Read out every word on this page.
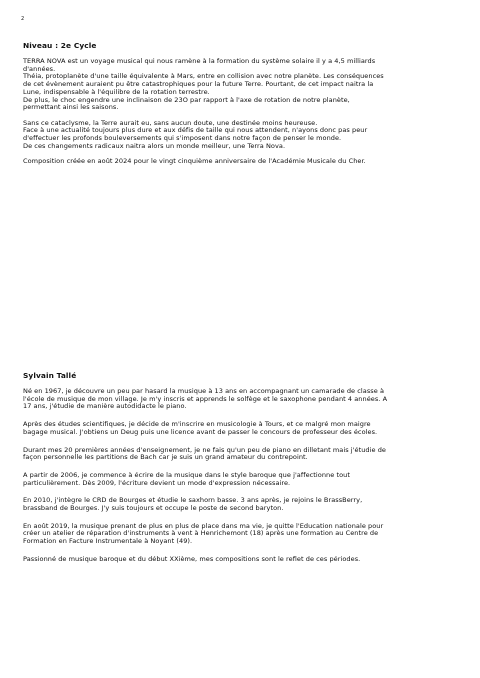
2
Niveau : 2e Cycle
TERRA NOVA est un voyage musical qui nous ramène à la formation du système solaire il y a 4,5 milliards
d'années.
Théia, protoplanète d'une taille équivalente à Mars, entre en collision avec notre planète. Les conséquences
de cet évènement auraient pu être catastrophiques pour la future Terre. Pourtant, de cet impact naitra la
Lune, indispensable à l'équilibre de la rotation terrestre.
De plus, le choc engendre une inclinaison de 23O par rapport à l'axe de rotation de notre planète,
permettant ainsi les saisons.
Sans ce cataclysme, la Terre aurait eu, sans aucun doute, une destinée moins heureuse.
Face à une actualité toujours plus dure et aux défis de taille qui nous attendent, n'ayons donc pas peur
d'effectuer les profonds bouleversements qui s'imposent dans notre façon de penser le monde.
De ces changements radicaux naitra alors un monde meilleur, une Terra Nova.
Composition créée en août 2024 pour le vingt cinquième anniversaire de l'Académie Musicale du Cher.
Sylvain Tallé
Né en 1967, je découvre un peu par hasard la musique à 13 ans en accompagnant un camarade de classe à
l'école de musique de mon village. Je m'y inscris et apprends le solfège et le saxophone pendant 4 années. A
17 ans, j'étudie de manière autodidacte le piano.
Après des études scientifiques, je décide de m'inscrire en musicologie à Tours, et ce malgré mon maigre
bagage musical. J'obtiens un Deug puis une licence avant de passer le concours de professeur des écoles.
Durant mes 20 premières années d'enseignement, je ne fais qu'un peu de piano en dilletant mais j'étudie de
façon personnelle les partitions de Bach car je suis un grand amateur du contrepoint.
A partir de 2006, je commence à écrire de la musique dans le style baroque que j'affectionne tout
particulièrement. Dès 2009, l'écriture devient un mode d'expression nécessaire.
En 2010, j'intègre le CRD de Bourges et étudie le saxhorn basse. 3 ans après, je rejoins le BrassBerry,
brassband de Bourges. J'y suis toujours et occupe le poste de second baryton.
En août 2019, la musique prenant de plus en plus de place dans ma vie, je quitte l'Education nationale pour
créer un atelier de réparation d'instruments à vent à Henrichemont (18) après une formation au Centre de
Formation en Facture Instrumentale à Noyant (49).
Passionné de musique baroque et du début XXième, mes compositions sont le reflet de ces périodes.
